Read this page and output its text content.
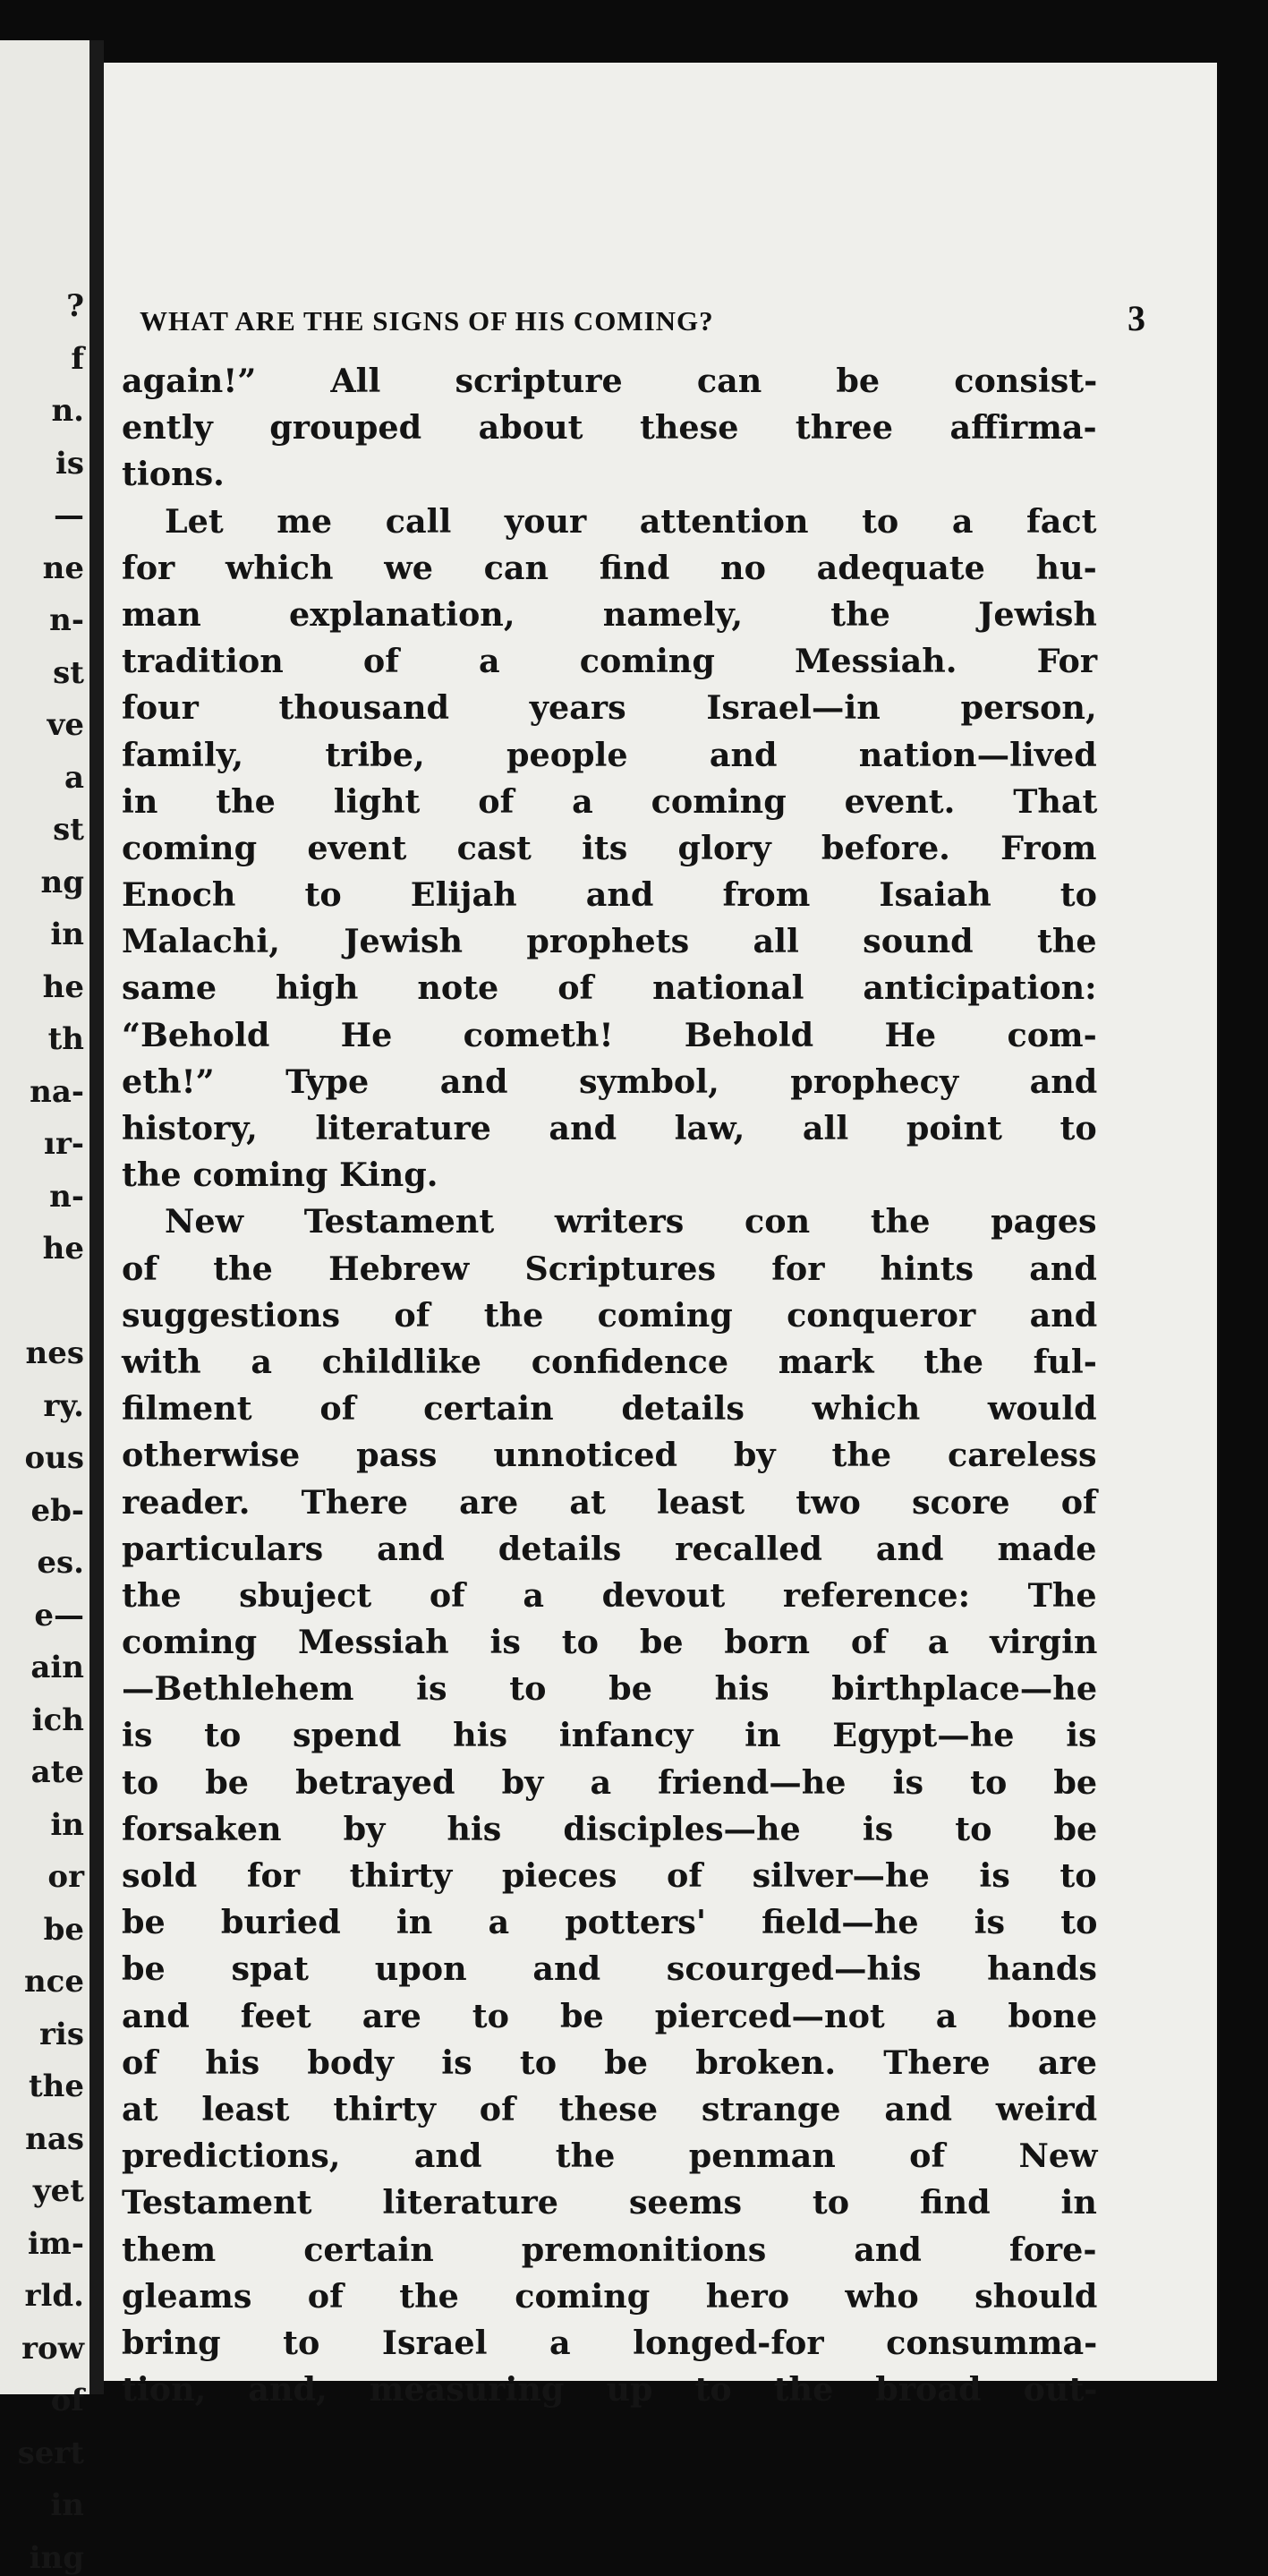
?
f
n.
is
—
ne
n-
st
ve
a
st
ng
in
he
th
na-
ır-
n-
he
nes
ry.
ous
eb-
es.
e—
ain
ich
ate
in
or
be
nce
ris
the
nas
yet
im-
rld.
row
of
sert
in
ing
WHAT ARE THE SIGNS OF HIS COMING?	3
again!” All scripture can be consist-
ently grouped about these three affirma-
tions.
Let me call your attention to a fact
for which we can find no adequate hu-
man explanation, namely, the Jewish
tradition of a coming Messiah. For
four thousand years Israel—in person,
family, tribe, people and nation—lived
in the light of a coming event. That
coming event cast its glory before. From
Enoch to Elijah and from Isaiah to
Malachi, Jewish prophets all sound the
same high note of national anticipation:
“Behold He cometh! Behold He com-
eth!” Type and symbol, prophecy and
history, literature and law, all point to
the coming King.
New Testament writers con the pages
of the Hebrew Scriptures for hints and
suggestions of the coming conqueror and
with a childlike confidence mark the ful-
filment of certain details which would
otherwise pass unnoticed by the careless
reader. There are at least two score of
particulars and details recalled and made
the sbuject of a devout reference: The
coming Messiah is to be born of a virgin
—Bethlehem is to be his birthplace—he
is to spend his infancy in Egypt—he is
to be betrayed by a friend—he is to be
forsaken by his disciples—he is to be
sold for thirty pieces of silver—he is to
be buried in a potters' field—he is to
be spat upon and scourged—his hands
and feet are to be pierced—not a bone
of his body is to be broken. There are
at least thirty of these strange and weird
predictions, and the penman of New
Testament literature seems to find in
them certain premonitions and fore-
gleams of the coming hero who should
bring to Israel a longed-for consumma-
tion, and, measuring up to the broad out-
